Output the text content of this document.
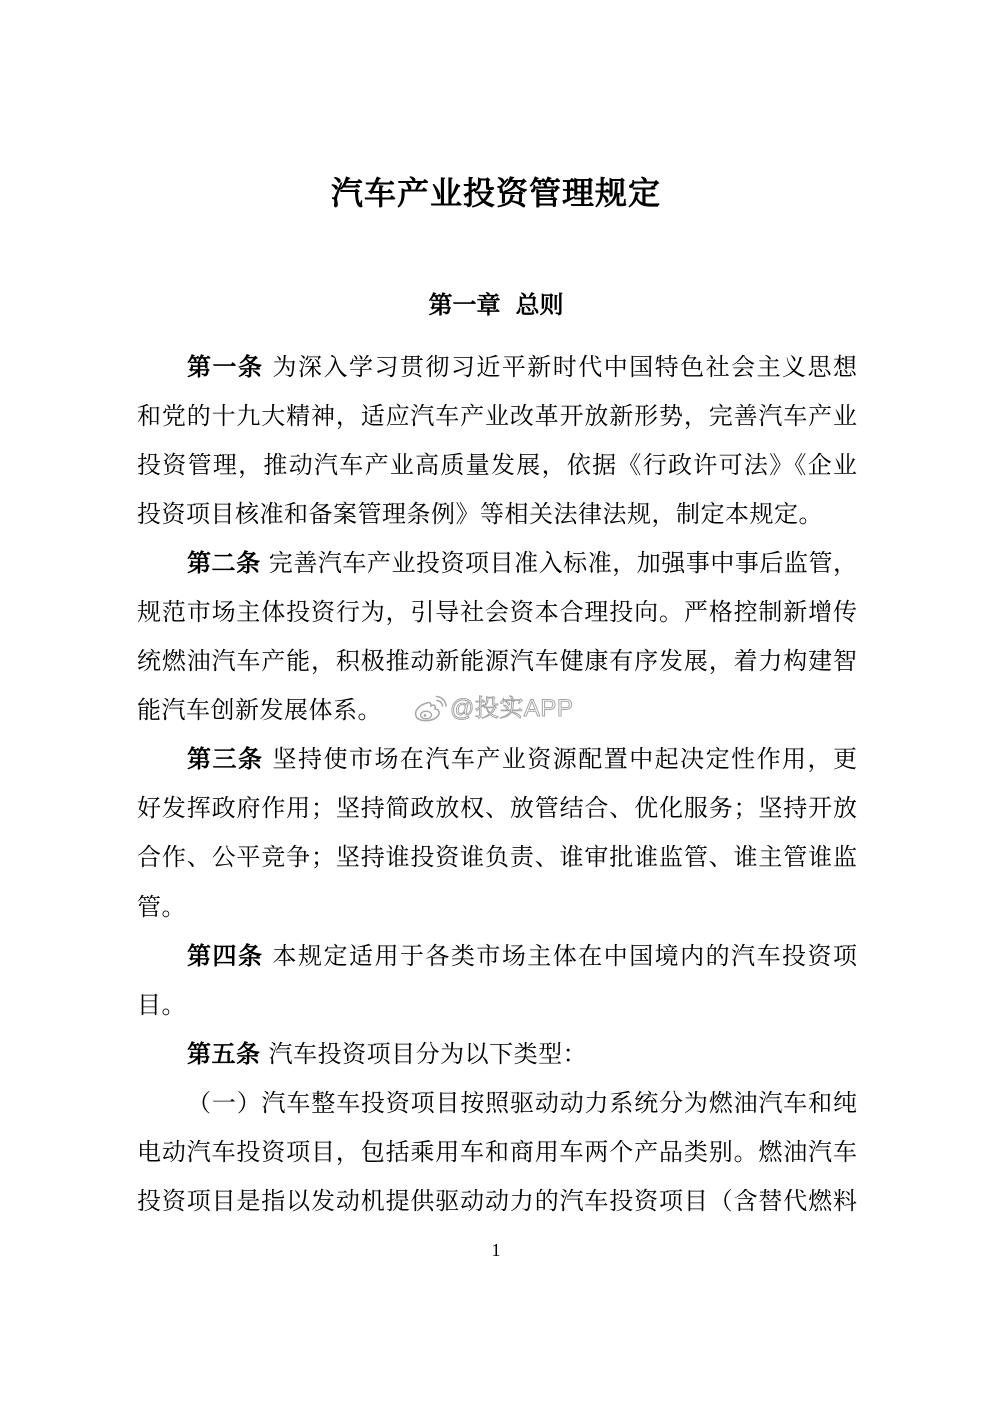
汽车产业投资管理规定
第一章 总则
第一条 为深入学习贯彻习近平新时代中国特色社会主义思想
和党的十九大精神，适应汽车产业改革开放新形势，完善汽车产业
投资管理，推动汽车产业高质量发展，依据《行政许可法》《企业
投资项目核准和备案管理条例》等相关法律法规，制定本规定。
第二条 完善汽车产业投资项目准入标准，加强事中事后监管，
规范市场主体投资行为，引导社会资本合理投向。严格控制新增传
统燃油汽车产能，积极推动新能源汽车健康有序发展，着力构建智
能汽车创新发展体系。
第三条 坚持使市场在汽车产业资源配置中起决定性作用，更
好发挥政府作用；坚持简政放权、放管结合、优化服务；坚持开放
合作、公平竞争；坚持谁投资谁负责、谁审批谁监管、谁主管谁监
管。
第四条 本规定适用于各类市场主体在中国境内的汽车投资项
目。
第五条 汽车投资项目分为以下类型：
（一）汽车整车投资项目按照驱动动力系统分为燃油汽车和纯
电动汽车投资项目，包括乘用车和商用车两个产品类别。燃油汽车
投资项目是指以发动机提供驱动动力的汽车投资项目（含替代燃料
@投实APP
1
